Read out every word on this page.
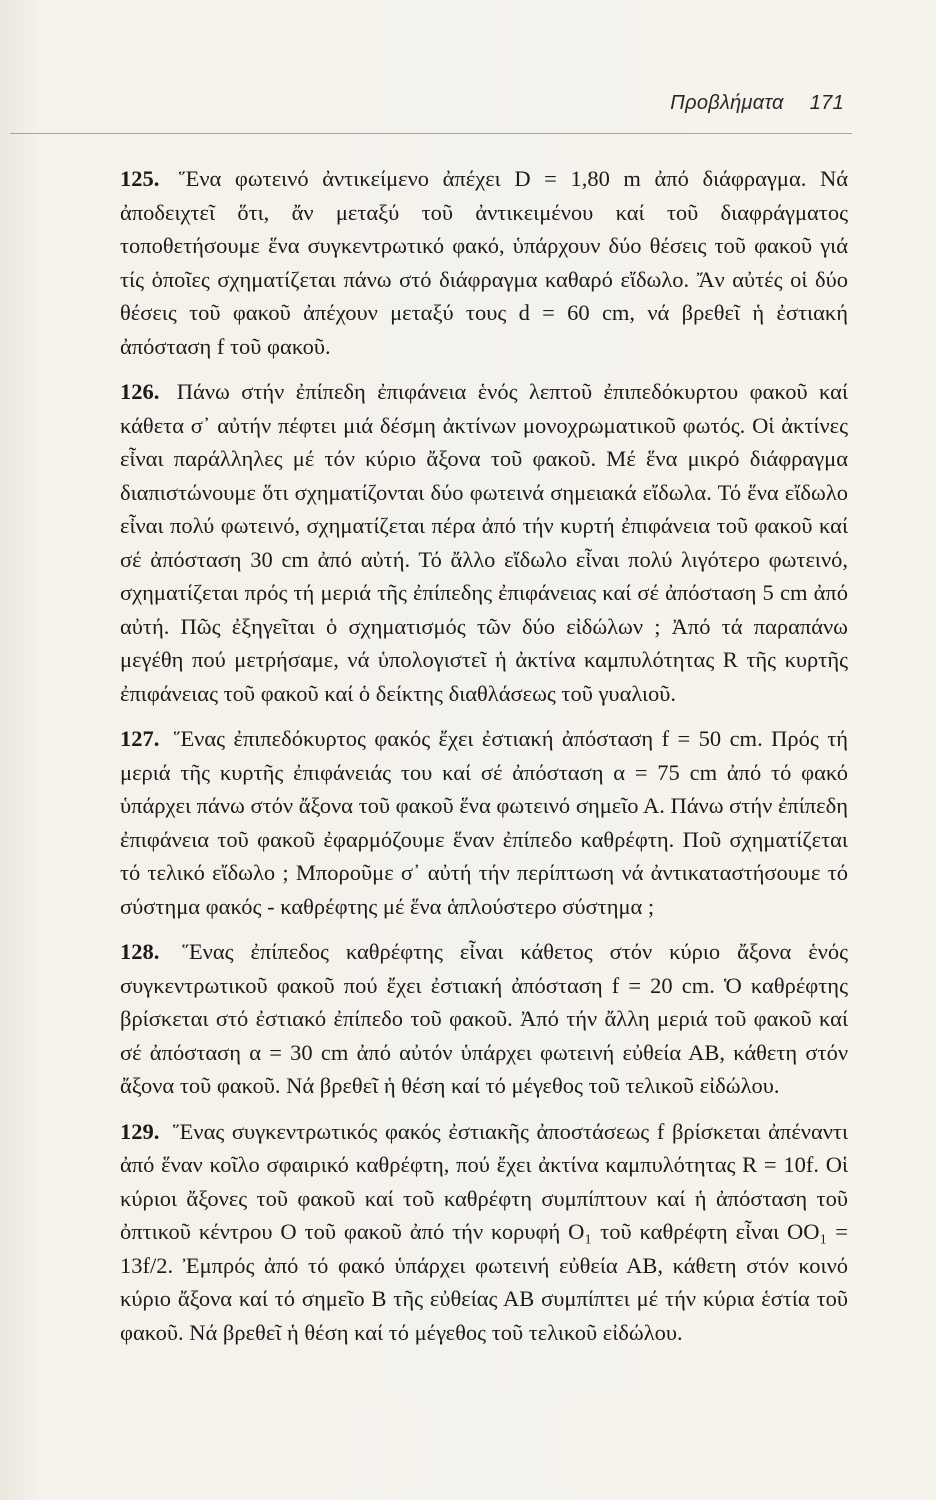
Προβλήματα 171

125. Ἕνα φωτεινό ἀντικείμενο ἀπέχει D = 1,80 m ἀπό διάφραγμα. Νά ἀποδειχτεῖ ὅτι, ἄν μεταξύ τοῦ ἀντικειμένου καί τοῦ διαφράγματος τοποθετήσουμε ἕνα συγκεντρωτικό φακό, ὑπάρχουν δύο θέσεις τοῦ φακοῦ γιά τίς ὁποῖες σχηματίζεται πάνω στό διάφραγμα καθαρό εἴδωλο. Ἄν αὐτές οἱ δύο θέσεις τοῦ φακοῦ ἀπέχουν μεταξύ τους d = 60 cm, νά βρεθεῖ ἡ ἐστιακή ἀπόσταση f τοῦ φακοῦ.

126. Πάνω στήν ἐπίπεδη ἐπιφάνεια ἑνός λεπτοῦ ἐπιπεδόκυρτου φακοῦ καί κάθετα σ᾽ αὐτήν πέφτει μιά δέσμη ἀκτίνων μονοχρωματικοῦ φωτός. Οἱ ἀκτίνες εἶναι παράλληλες μέ τόν κύριο ἄξονα τοῦ φακοῦ. Μέ ἕνα μικρό διάφραγμα διαπιστώνουμε ὅτι σχηματίζονται δύο φωτεινά σημειακά εἴδωλα. Τό ἕνα εἴδωλο εἶναι πολύ φωτεινό, σχηματίζεται πέρα ἀπό τήν κυρτή ἐπιφάνεια τοῦ φακοῦ καί σέ ἀπόσταση 30 cm ἀπό αὐτή. Τό ἄλλο εἴδωλο εἶναι πολύ λιγότερο φωτεινό, σχηματίζεται πρός τή μεριά τῆς ἐπίπεδης ἐπιφάνειας καί σέ ἀπόσταση 5 cm ἀπό αὐτή. Πῶς ἐξηγεῖται ὁ σχηματισμός τῶν δύο εἰδώλων ; Ἀπό τά παραπάνω μεγέθη πού μετρήσαμε, νά ὑπολογιστεῖ ἡ ἀκτίνα καμπυλότητας R τῆς κυρτῆς ἐπιφάνειας τοῦ φακοῦ καί ὁ δείκτης διαθλάσεως τοῦ γυαλιοῦ.

127. Ἕνας ἐπιπεδόκυρτος φακός ἔχει ἐστιακή ἀπόσταση f = 50 cm. Πρός τή μεριά τῆς κυρτῆς ἐπιφάνειάς του καί σέ ἀπόσταση α = 75 cm ἀπό τό φακό ὑπάρχει πάνω στόν ἄξονα τοῦ φακοῦ ἕνα φωτεινό σημεῖο Α. Πάνω στήν ἐπίπεδη ἐπιφάνεια τοῦ φακοῦ ἐφαρμόζουμε ἕναν ἐπίπεδο καθρέφτη. Ποῦ σχηματίζεται τό τελικό εἴδωλο ; Μποροῦμε σ᾽ αὐτή τήν περίπτωση νά ἀντικαταστήσουμε τό σύστημα φακός - καθρέφτης μέ ἕνα ἁπλούστερο σύστημα ;

128. Ἕνας ἐπίπεδος καθρέφτης εἶναι κάθετος στόν κύριο ἄξονα ἑνός συγκεντρωτικοῦ φακοῦ πού ἔχει ἐστιακή ἀπόσταση f = 20 cm. Ὁ καθρέφτης βρίσκεται στό ἐστιακό ἐπίπεδο τοῦ φακοῦ. Ἀπό τήν ἄλλη μεριά τοῦ φακοῦ καί σέ ἀπόσταση α = 30 cm ἀπό αὐτόν ὑπάρχει φωτεινή εὐθεία ΑΒ, κάθετη στόν ἄξονα τοῦ φακοῦ. Νά βρεθεῖ ἡ θέση καί τό μέγεθος τοῦ τελικοῦ εἰδώλου.

129. Ἕνας συγκεντρωτικός φακός ἐστιακῆς ἀποστάσεως f βρίσκεται ἀπέναντι ἀπό ἕναν κοῖλο σφαιρικό καθρέφτη, πού ἔχει ἀκτίνα καμπυλότητας R = 10f. Οἱ κύριοι ἄξονες τοῦ φακοῦ καί τοῦ καθρέφτη συμπίπτουν καί ἡ ἀπόσταση τοῦ ὀπτικοῦ κέντρου Ο τοῦ φακοῦ ἀπό τήν κορυφή Ο₁ τοῦ καθρέφτη εἶναι ΟΟ₁ = 13f/2. Ἐμπρός ἀπό τό φακό ὑπάρχει φωτεινή εὐθεία ΑΒ, κάθετη στόν κοινό κύριο ἄξονα καί τό σημεῖο Β τῆς εὐθείας ΑΒ συμπίπτει μέ τήν κύρια ἑστία τοῦ φακοῦ. Νά βρεθεῖ ἡ θέση καί τό μέγεθος τοῦ τελικοῦ εἰδώλου.
